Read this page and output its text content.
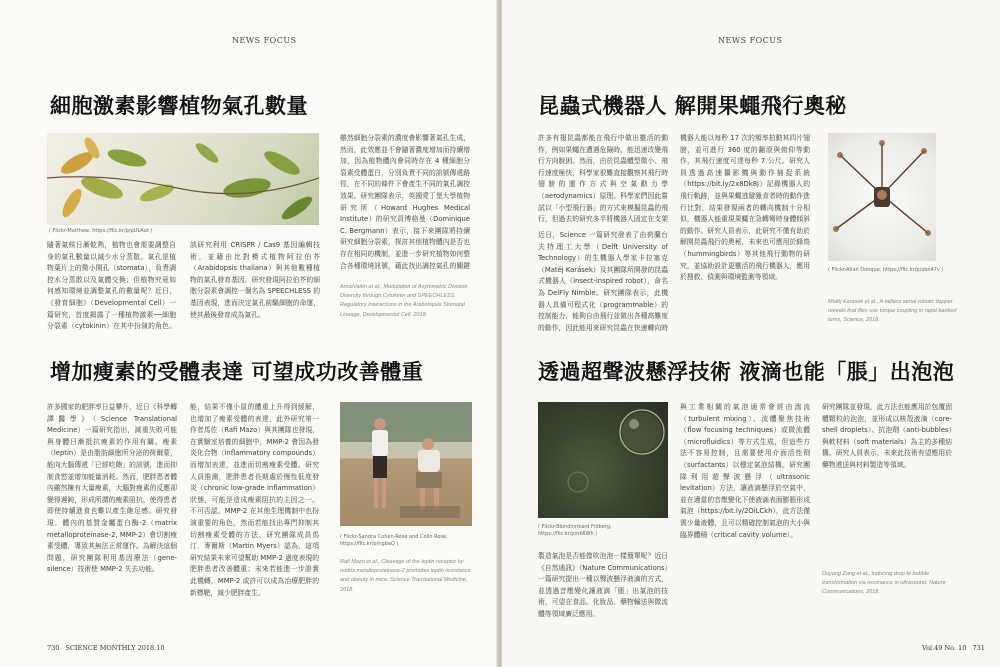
NEWS FOCUS
細胞激素影響植物氣孔數量
( Flickr-Matthew, https://flic.kr/p/pULAut )
隨著氣候日漸乾熱，植物也會需要調整自身的氣孔數量以減少水分蒸散。氣孔是植物葉片上的微小開孔（stomata），負責調控水分蒸散以及氣體交換；但植物究竟如何感知環境並調整氣孔的數量呢？近日，《發育細胞》（Developmental Cell）一篇研究，首度揭露了一種植物激素──細胞分裂素（cytokinin）在其中扮演的角色。
該研究利用 CRISPR / Cas9 基因編輯技術，並藉由比對模式植物阿拉伯芥（Arabidopsis thaliana）與其他數種植物的氣孔發育基因，研究發現阿拉伯芥的細胞分裂素會調控一個名為 SPEECHLESS 的基因表現，進而決定氣孔前驅細胞的命運，使其最後發育成為氣孔。
雖然細胞分裂素的濃度會影響著氣孔生成，然而，此效應並不會隨著濃度增加而持續增加，因為植物體內會同時存在 4 種細胞分裂素受體蛋白，分別負責不同的訊號傳遞路徑，在不同的條件下會產生不同的氣孔調控效果。研究團隊表示，英國愛丁堡大學植物研究所（Howard Hughes Medical Institute）的研究員博格曼（Dominique C. Bergmann）表示，接下來團隊將持續研究細胞分裂素，探討其他植物體內是否也存在相同的機制，並進一步研究植物如何整合各種環境訊號，藉此找出調控氣孔的關鍵
AnnaVatén et al., Modulation of Asymmetric Division Diversity through Cytokinin and SPEECHLESS Regulatory Interactions in the Arabidopsis Stomatal Lineage, Developmental Cell, 2018.
增加瘦素的受體表達 可望成功改善體重
許多國家的肥胖率日益攀升，近日《科學轉譯醫學》（Science Translational Medicine）一篇研究指出，減重失敗可能與身體日漸抵抗瘦素的作用有關。瘦素（leptin）是由脂肪細胞所分泌的荷爾蒙，能向大腦傳遞「已經吃飽」的訊號，進而抑制食慾並增加能量消耗。然而，肥胖患者體內雖然擁有大量瘦素，大腦對瘦素的反應卻變得遲鈍，形成所謂的瘦素阻抗，使得患者即使持續進食也難以產生飽足感。研究發現，體內的基質金屬蛋白酶-2（matrix metalloproteinase-2, MMP-2）會切割瘦素受體，導致其無法正常運作。為解決這個問題，研究團隊利用基因療法（gene-silence）技術使 MMP-2 失去功能。
能，結果不僅小鼠的體重上升得到緩解，也增加了瘦素受體的表達，此外研究第一作者馬佐（Rafi Mazo）與其團隊也發現，在實驗室培養的細胞中，MMP-2 會因為發炎化合物（inflammatory compounds）而增加表達，並進而切割瘦素受體。研究人員推測，肥胖患者長期處於慢性低度發炎（chronic low-grade inflammation）狀態，可能是造成瘦素阻抗的主因之一。不可否認，MMP-2 在其他生理機制中也扮演重要的角色，然而若能找出專門抑制其切割瘦素受體的方法，研究團隊成員馬汀．麥爾斯（Martin Myers）認為，這項研究結果未來可望幫助 MMP-2 過度表現的肥胖患者改善體重；未來若能進一步證實此機轉，MMP-2 或許可以成為治療肥胖的新標靶，減少肥胖產生。
( Flickr-Sandra Cohen-Rose and Colin Rose, https://flic.kr/p/ngbaQ )
Rafi Mazo et al., Cleavage of the leptin receptor by matrix metalloproteinase-2 promotes leptin resistance and obesity in mice, Science Translational Medicine, 2018.
730 SCIENCE MONTHLY 2018.10
NEWS FOCUS
昆蟲式機器人 解開果蠅飛行奧秘
許多有翅昆蟲都能在飛行中做出靈活的動作，例如果蠅在遭遇危險時，能迅速改變飛行方向脫困。然而，由於昆蟲體型微小、飛行速度極快，科學家很難直接觀察其飛行時翅膀的運作方式與空氣動力學（aerodynamics）原理。科學家們因此嘗試以「小型飛行器」的方式來模擬昆蟲的飛行，但過去的研究多半將機器人固定在支架
近日，Science 一篇研究發表了由荷蘭台夫特理工大學（Delft University of Technology）的生機器人學家卡拉塞克（Matěj Karásek）及其團隊所開發的昆蟲式機器人（insect-inspired robot），命名為 DelFly Nimble。研究團隊表示，此機器人具備可程式化（programmable）的控制能力，能夠自由飛行並做出各種高難度的動作，因此能用來研究昆蟲在快速轉向時
機器人能以每秒 17 次的頻率拍動其四片翅膀，並可進行 360 度的翻滾與俯仰等動作，其飛行速度可達每秒 7 公尺。研究人員透過高速攝影機與動作捕捉系統（https://bit.ly/2x8Dk8j）記錄機器人的飛行軌跡，並與果蠅逃避獵食者時的動作進行比對，結果發現兩者的轉向機制十分相似，機器人能重現果蠅在急轉彎時身體傾斜的動作。研究人員表示，此研究不僅有助於解開昆蟲飛行的奧秘，未來也可應用於蜂鳥（hummingbirds）等其他飛行動物的研究，並協助設計更靈活的飛行機器人，應用於搜救、偵測與環境監測等領域。
( Flickr-Allan Donque, https://flic.kr/p/xbn47v )
Matěj Karásek et al., A tailless aerial robotic flapper reveals that flies use torque coupling in rapid banked turns, Science, 2018.
透過超聲波懸浮技術 液滴也能「脹」出泡泡
( Flickr-Blondinrikard Fröberg, https://flic.kr/p/nk6Wh )
製造氣泡是否能像吹泡泡一樣簡單呢？近日《自然通訊》（Nature Communications）一篇研究提出一種以聲波懸浮液滴的方式，並透過音壓變化讓液滴「脹」出氣泡的技術，可望在食品、化妝品、藥物輸送與微流體等領域廣泛應用。
與工業相關的氣泡通常會經由湍流（turbulent mixing）、流體聚焦技術（flow focusing techniques）或微流體（microfluidics）等方式生成，但這些方法不容易控制，且需要使用介面活性劑（surfactants）以穩定氣泡結構。研究團隊利用超聲波懸浮（ultrasonic levitation）方法，讓液滴懸浮於空氣中，並在適當的音壓變化下使液滴表面膨脹形成氣泡（https://bit.ly/2OiLCkh），此方法僅需少量液體，且可以精確控制氣泡的大小與臨界體積（critical cavity volume）。
研究團隊並發現，此方法也能應用於包覆固體顆粒的泡泡，並形成以核殼液滴（core-shell droplets）、抗泡劑（anti-bubbles）與軟材料（soft materials）為主的多種結構。研究人員表示，未來此技術有望應用於藥物遞送與材料製造等領域。
Duyang Zang et al., Inducing drop to bubble transformation via resonance in ultrasound, Nature Communications, 2018.
Vol.49 No. 10 731
